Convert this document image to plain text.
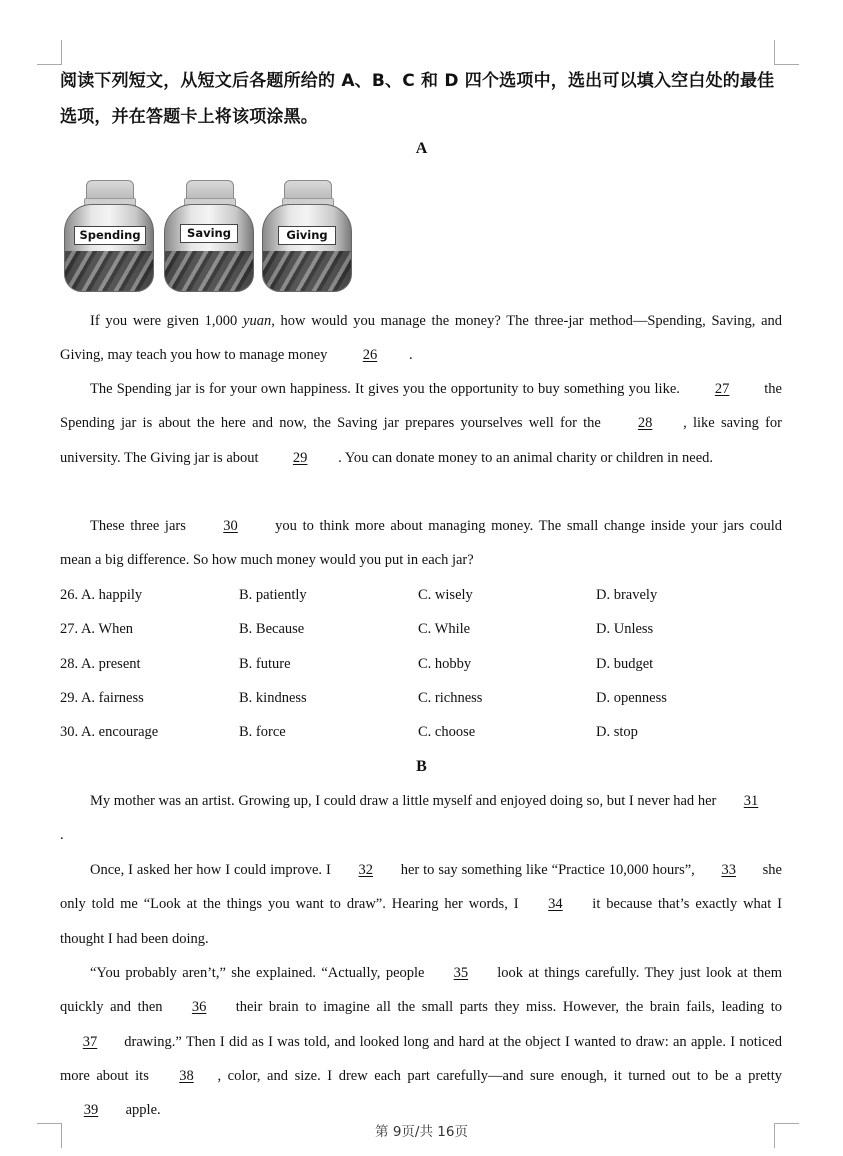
阅读下列短文，从短文后各题所给的 A、B、C 和 D 四个选项中，选出可以填入空白处的最佳选项，并在答题卡上将该项涂黑。
A
Spending	Saving	Giving
If you were given 1,000 yuan, how would you manage the money? The three-jar method—Spending, Saving, and Giving, may teach you how to manage money 26 .
The Spending jar is for your own happiness. It gives you the opportunity to buy something you like. 27 the Spending jar is about the here and now, the Saving jar prepares yourselves well for the 28 , like saving for university. The Giving jar is about 29 . You can donate money to an animal charity or children in need.
These three jars 30 you to think more about managing money. The small change inside your jars could mean a big difference. So how much money would you put in each jar?
26. A. happily	B. patiently	C. wisely	D. bravely
27. A. When	B. Because	C. While	D. Unless
28. A. present	B. future	C. hobby	D. budget
29. A. fairness	B. kindness	C. richness	D. openness
30. A. encourage	B. force	C. choose	D. stop
B
My mother was an artist. Growing up, I could draw a little myself and enjoyed doing so, but I never had her 31.
Once, I asked her how I could improve. I 32 her to say something like “Practice 10,000 hours”, 33 she only told me “Look at the things you want to draw”. Hearing her words, I 34 it because that’s exactly what I thought I had been doing.
“You probably aren’t,” she explained. “Actually, people 35 look at things carefully. They just look at them quickly and then 36 their brain to imagine all the small parts they miss. However, the brain fails, leading to 37 drawing.” Then I did as I was told, and looked long and hard at the object I wanted to draw: an apple. I noticed more about its 38 , color, and size. I drew each part carefully—and sure enough, it turned out to be a pretty 39 apple.
第 9页/共 16页
